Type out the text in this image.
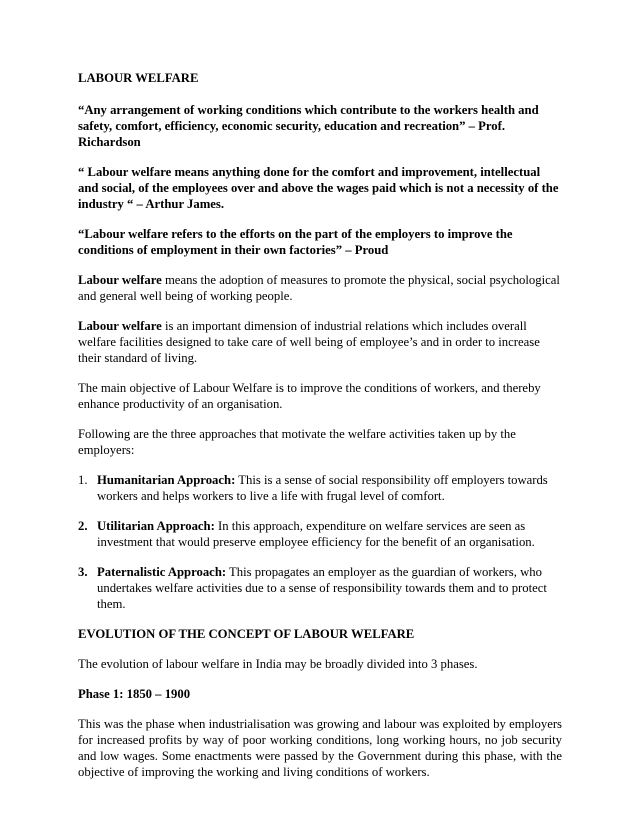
LABOUR WELFARE

“Any arrangement of working conditions which contribute to the workers health and safety, comfort, efficiency, economic security, education and recreation” – Prof. Richardson

“ Labour welfare means anything done for the comfort and improvement, intellectual and social, of the employees over and above the wages paid which is not a necessity of the industry “ – Arthur James.

“Labour welfare refers to the efforts on the part of the employers to improve the conditions of employment in their own factories” – Proud

Labour welfare means the adoption of measures to promote the physical, social psychological and general well being of working people.

Labour welfare is an important dimension of industrial relations which includes overall welfare facilities designed to take care of well being of employee’s and in order to increase their standard of living.

The main objective of Labour Welfare is to improve the conditions of workers, and thereby enhance productivity of an organisation.

Following are the three approaches that motivate the welfare activities taken up by the employers:

1. Humanitarian Approach: This is a sense of social responsibility off employers towards workers and helps workers to live a life with frugal level of comfort.
2. Utilitarian Approach: In this approach, expenditure on welfare services are seen as investment that would preserve employee efficiency for the benefit of an organisation.
3. Paternalistic Approach: This propagates an employer as the guardian of workers, who undertakes welfare activities due to a sense of responsibility towards them and to protect them.

EVOLUTION OF THE CONCEPT OF LABOUR WELFARE

The evolution of labour welfare in India may be broadly divided into 3 phases.

Phase 1: 1850 – 1900

This was the phase when industrialisation was growing and labour was exploited by employers for increased profits by way of poor working conditions, long working hours, no job security and low wages. Some enactments were passed by the Government during this phase, with the objective of improving the working and living conditions of workers.
